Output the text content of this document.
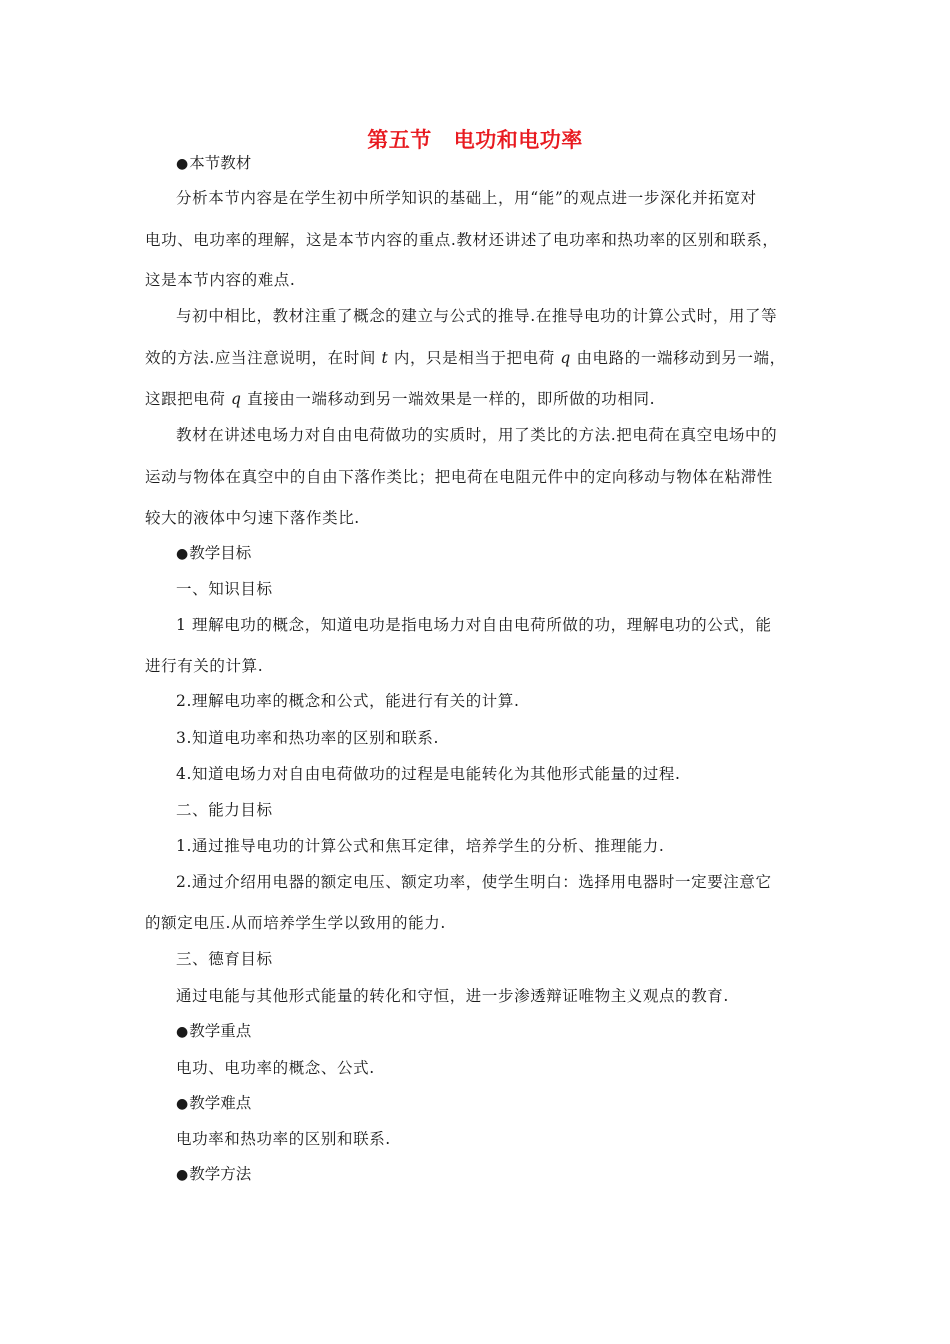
第五节 电功和电功率
●本节教材
分析本节内容是在学生初中所学知识的基础上，用“能”的观点进一步深化并拓宽对
电功、电功率的理解，这是本节内容的重点.教材还讲述了电功率和热功率的区别和联系，
这是本节内容的难点.
与初中相比，教材注重了概念的建立与公式的推导.在推导电功的计算公式时，用了等
效的方法.应当注意说明，在时间 t 内，只是相当于把电荷 q 由电路的一端移动到另一端，
这跟把电荷 q 直接由一端移动到另一端效果是一样的，即所做的功相同.
教材在讲述电场力对自由电荷做功的实质时，用了类比的方法.把电荷在真空电场中的
运动与物体在真空中的自由下落作类比；把电荷在电阻元件中的定向移动与物体在粘滞性
较大的液体中匀速下落作类比.
●教学目标
一、知识目标
1 理解电功的概念，知道电功是指电场力对自由电荷所做的功，理解电功的公式，能
进行有关的计算.
2.理解电功率的概念和公式，能进行有关的计算.
3.知道电功率和热功率的区别和联系.
4.知道电场力对自由电荷做功的过程是电能转化为其他形式能量的过程.
二、能力目标
1.通过推导电功的计算公式和焦耳定律，培养学生的分析、推理能力.
2.通过介绍用电器的额定电压、额定功率，使学生明白：选择用电器时一定要注意它
的额定电压.从而培养学生学以致用的能力.
三、德育目标
通过电能与其他形式能量的转化和守恒，进一步渗透辩证唯物主义观点的教育.
●教学重点
电功、电功率的概念、公式.
●教学难点
电功率和热功率的区别和联系.
●教学方法
